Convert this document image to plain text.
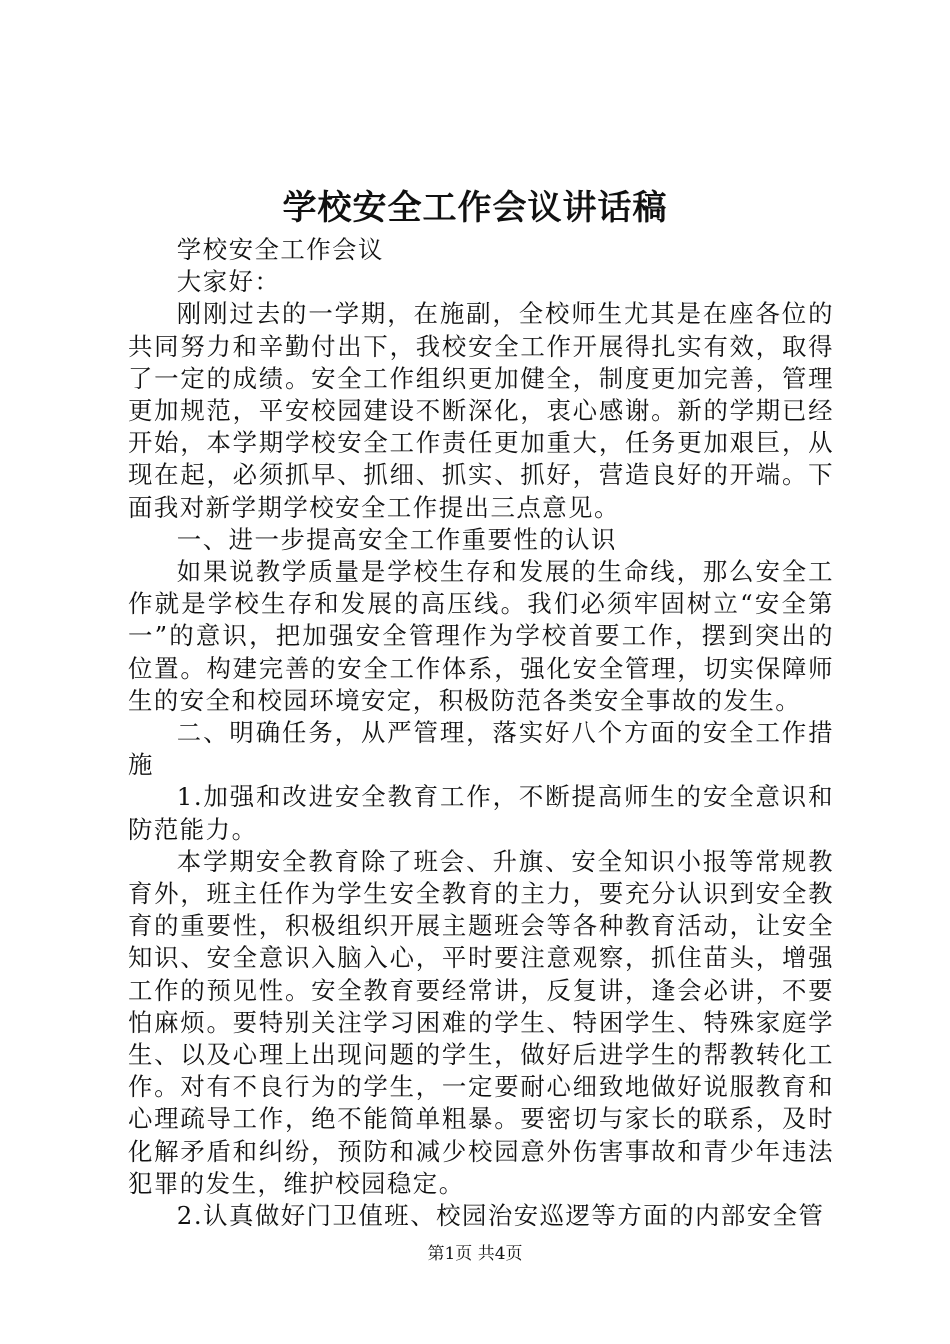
学校安全工作会议讲话稿

学校安全工作会议

大家好：

刚刚过去的一学期，在施副，全校师生尤其是在座各位的共同努力和辛勤付出下，我校安全工作开展得扎实有效，取得了一定的成绩。安全工作组织更加健全，制度更加完善，管理更加规范，平安校园建设不断深化，衷心感谢。新的学期已经开始，本学期学校安全工作责任更加重大，任务更加艰巨，从现在起，必须抓早、抓细、抓实、抓好，营造良好的开端。下面我对新学期学校安全工作提出三点意见。

一、进一步提高安全工作重要性的认识

如果说教学质量是学校生存和发展的生命线，那么安全工作就是学校生存和发展的高压线。我们必须牢固树立“安全第一”的意识，把加强安全管理作为学校首要工作，摆到突出的位置。构建完善的安全工作体系，强化安全管理，切实保障师生的安全和校园环境安定，积极防范各类安全事故的发生。

二、明确任务，从严管理，落实好八个方面的安全工作措施

1.加强和改进安全教育工作，不断提高师生的安全意识和防范能力。

本学期安全教育除了班会、升旗、安全知识小报等常规教育外，班主任作为学生安全教育的主力，要充分认识到安全教育的重要性，积极组织开展主题班会等各种教育活动，让安全知识、安全意识入脑入心，平时要注意观察，抓住苗头，增强工作的预见性。安全教育要经常讲，反复讲，逢会必讲，不要怕麻烦。要特别关注学习困难的学生、特困学生、特殊家庭学生、以及心理上出现问题的学生，做好后进学生的帮教转化工作。对有不良行为的学生，一定要耐心细致地做好说服教育和心理疏导工作，绝不能简单粗暴。要密切与家长的联系，及时化解矛盾和纠纷，预防和减少校园意外伤害事故和青少年违法犯罪的发生，维护校园稳定。

2.认真做好门卫值班、校园治安巡逻等方面的内部安全管

第1页 共4页
